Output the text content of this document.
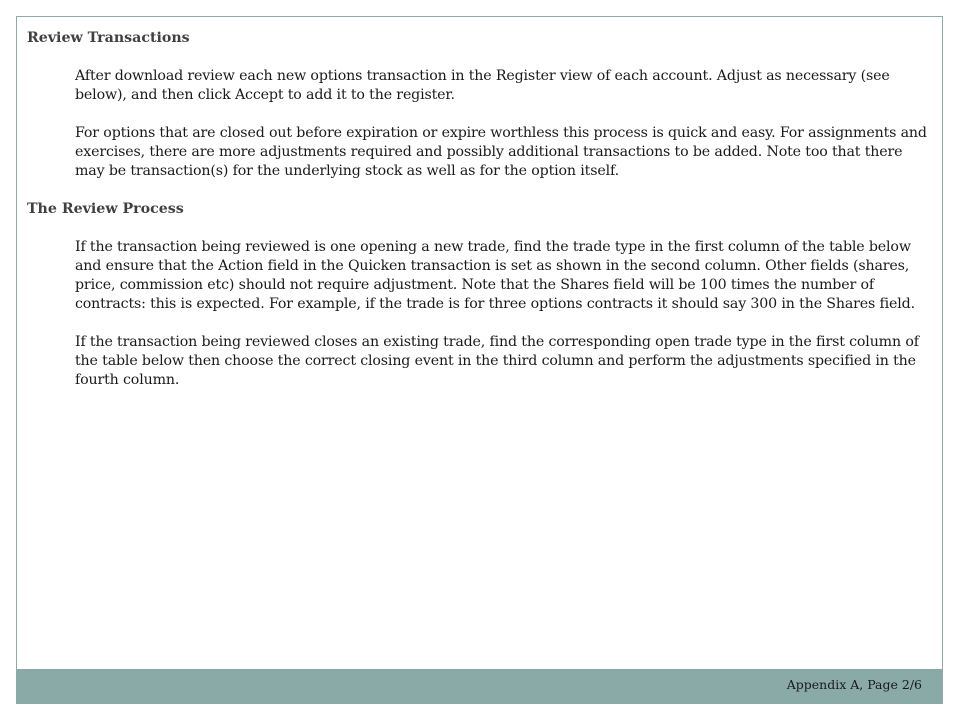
Review Transactions

After download review each new options transaction in the Register view of each account. Adjust as necessary (see below), and then click Accept to add it to the register.

For options that are closed out before expiration or expire worthless this process is quick and easy. For assignments and exercises, there are more adjustments required and possibly additional transactions to be added. Note too that there may be transaction(s) for the underlying stock as well as for the option itself.

The Review Process

If the transaction being reviewed is one opening a new trade, find the trade type in the first column of the table below and ensure that the Action field in the Quicken transaction is set as shown in the second column. Other fields (shares, price, commission etc) should not require adjustment. Note that the Shares field will be 100 times the number of contracts: this is expected. For example, if the trade is for three options contracts it should say 300 in the Shares field.

If the transaction being reviewed closes an existing trade, find the corresponding open trade type in the first column of the table below then choose the correct closing event in the third column and perform the adjustments specified in the fourth column.

Appendix A, Page 2/6
